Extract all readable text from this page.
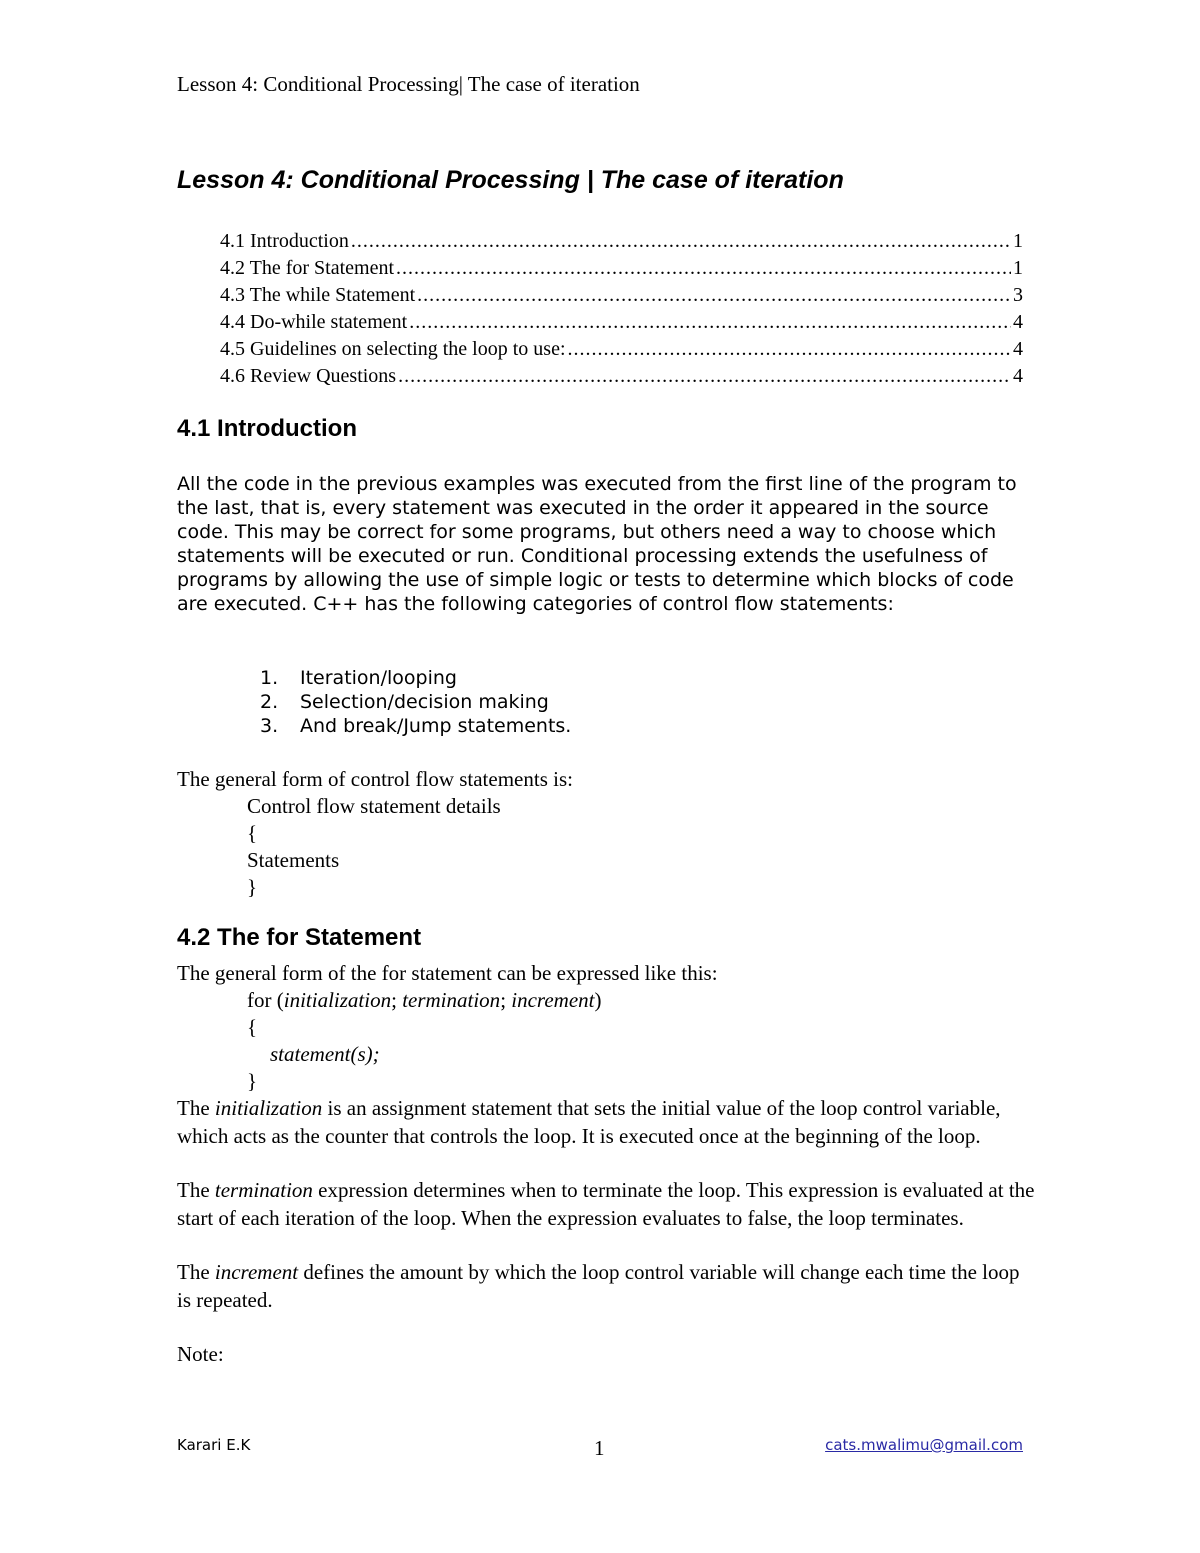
Lesson 4: Conditional Processing| The case of iteration
Lesson 4: Conditional Processing | The case of iteration
4.1 Introduction .....	1
4.2 The for Statement .....	1
4.3 The while Statement .....	3
4.4 Do-while statement .....	4
4.5 Guidelines on selecting the loop to use: .....	4
4.6 Review Questions .....	4
4.1 Introduction

All the code in the previous examples was executed from the first line of the program to the last, that is, every statement was executed in the order it appeared in the source code. This may be correct for some programs, but others need a way to choose which statements will be executed or run. Conditional processing extends the usefulness of programs by allowing the use of simple logic or tests to determine which blocks of code are executed. C++ has the following categories of control flow statements:

1.	Iteration/looping
2.	Selection/decision making
3.	And break/Jump statements.

The general form of control flow statements is:

Control flow statement details

{

Statements

}

4.2 The for Statement

The general form of the for statement can be expressed like this:

for (initialization; termination; increment)

{

statement(s);

}

The initialization is an assignment statement that sets the initial value of the loop control variable, which acts as the counter that controls the loop. It is executed once at the beginning of the loop.

The termination expression determines when to terminate the loop. This expression is evaluated at the start of each iteration of the loop. When the expression evaluates to false, the loop terminates.

The increment defines the amount by which the loop control variable will change each time the loop is repeated.

Note:

Karari E.K	1	cats.mwalimu@gmail.com
